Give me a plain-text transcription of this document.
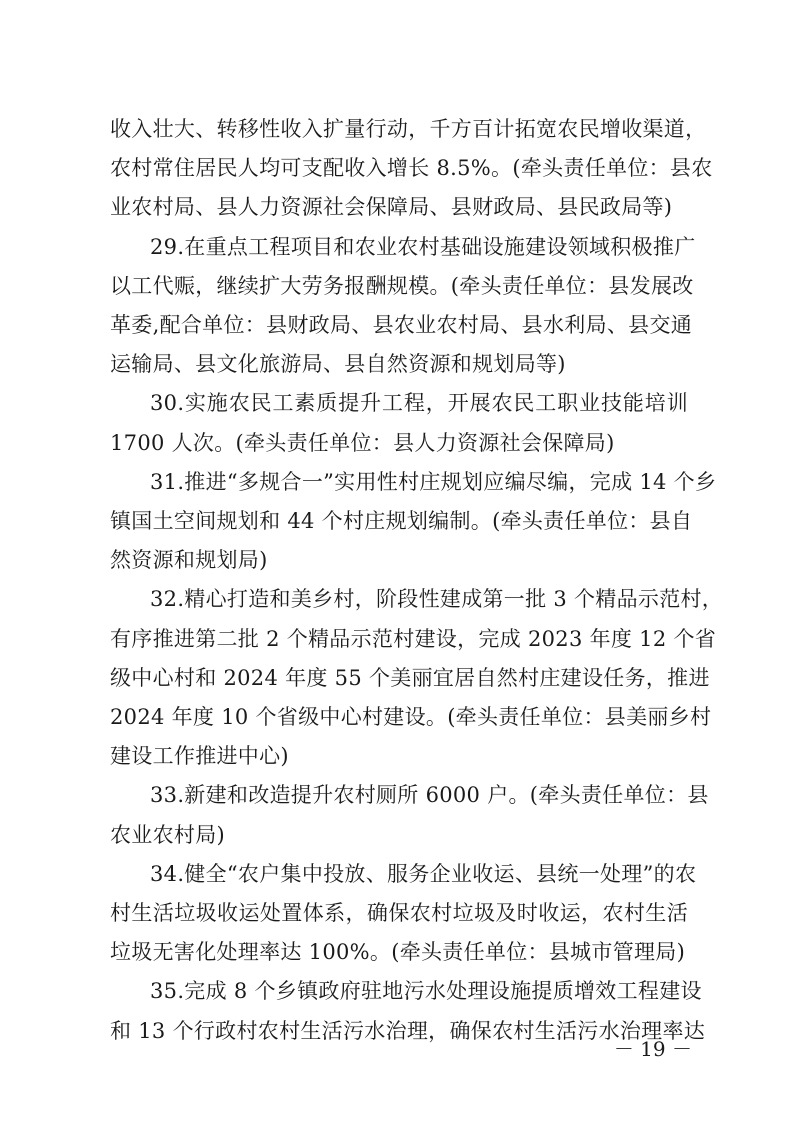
收入壮大、转移性收入扩量行动，千方百计拓宽农民增收渠道，
农村常住居民人均可支配收入增长 8.5%。(牵头责任单位：县农
业农村局、县人力资源社会保障局、县财政局、县民政局等)
29.在重点工程项目和农业农村基础设施建设领域积极推广
以工代赈，继续扩大劳务报酬规模。(牵头责任单位：县发展改
革委,配合单位：县财政局、县农业农村局、县水利局、县交通
运输局、县文化旅游局、县自然资源和规划局等)
30.实施农民工素质提升工程，开展农民工职业技能培训
1700 人次。(牵头责任单位：县人力资源社会保障局)
31.推进“多规合一”实用性村庄规划应编尽编，完成 14 个乡
镇国土空间规划和 44 个村庄规划编制。(牵头责任单位：县自
然资源和规划局)
32.精心打造和美乡村，阶段性建成第一批 3 个精品示范村，
有序推进第二批 2 个精品示范村建设，完成 2023 年度 12 个省
级中心村和 2024 年度 55 个美丽宜居自然村庄建设任务，推进
2024 年度 10 个省级中心村建设。(牵头责任单位：县美丽乡村
建设工作推进中心)
33.新建和改造提升农村厕所 6000 户。(牵头责任单位：县
农业农村局)
34.健全“农户集中投放、服务企业收运、县统一处理”的农
村生活垃圾收运处置体系，确保农村垃圾及时收运，农村生活
垃圾无害化处理率达 100%。(牵头责任单位：县城市管理局)
35.完成 8 个乡镇政府驻地污水处理设施提质增效工程建设
和 13 个行政村农村生活污水治理，确保农村生活污水治理率达
－ 19 －
